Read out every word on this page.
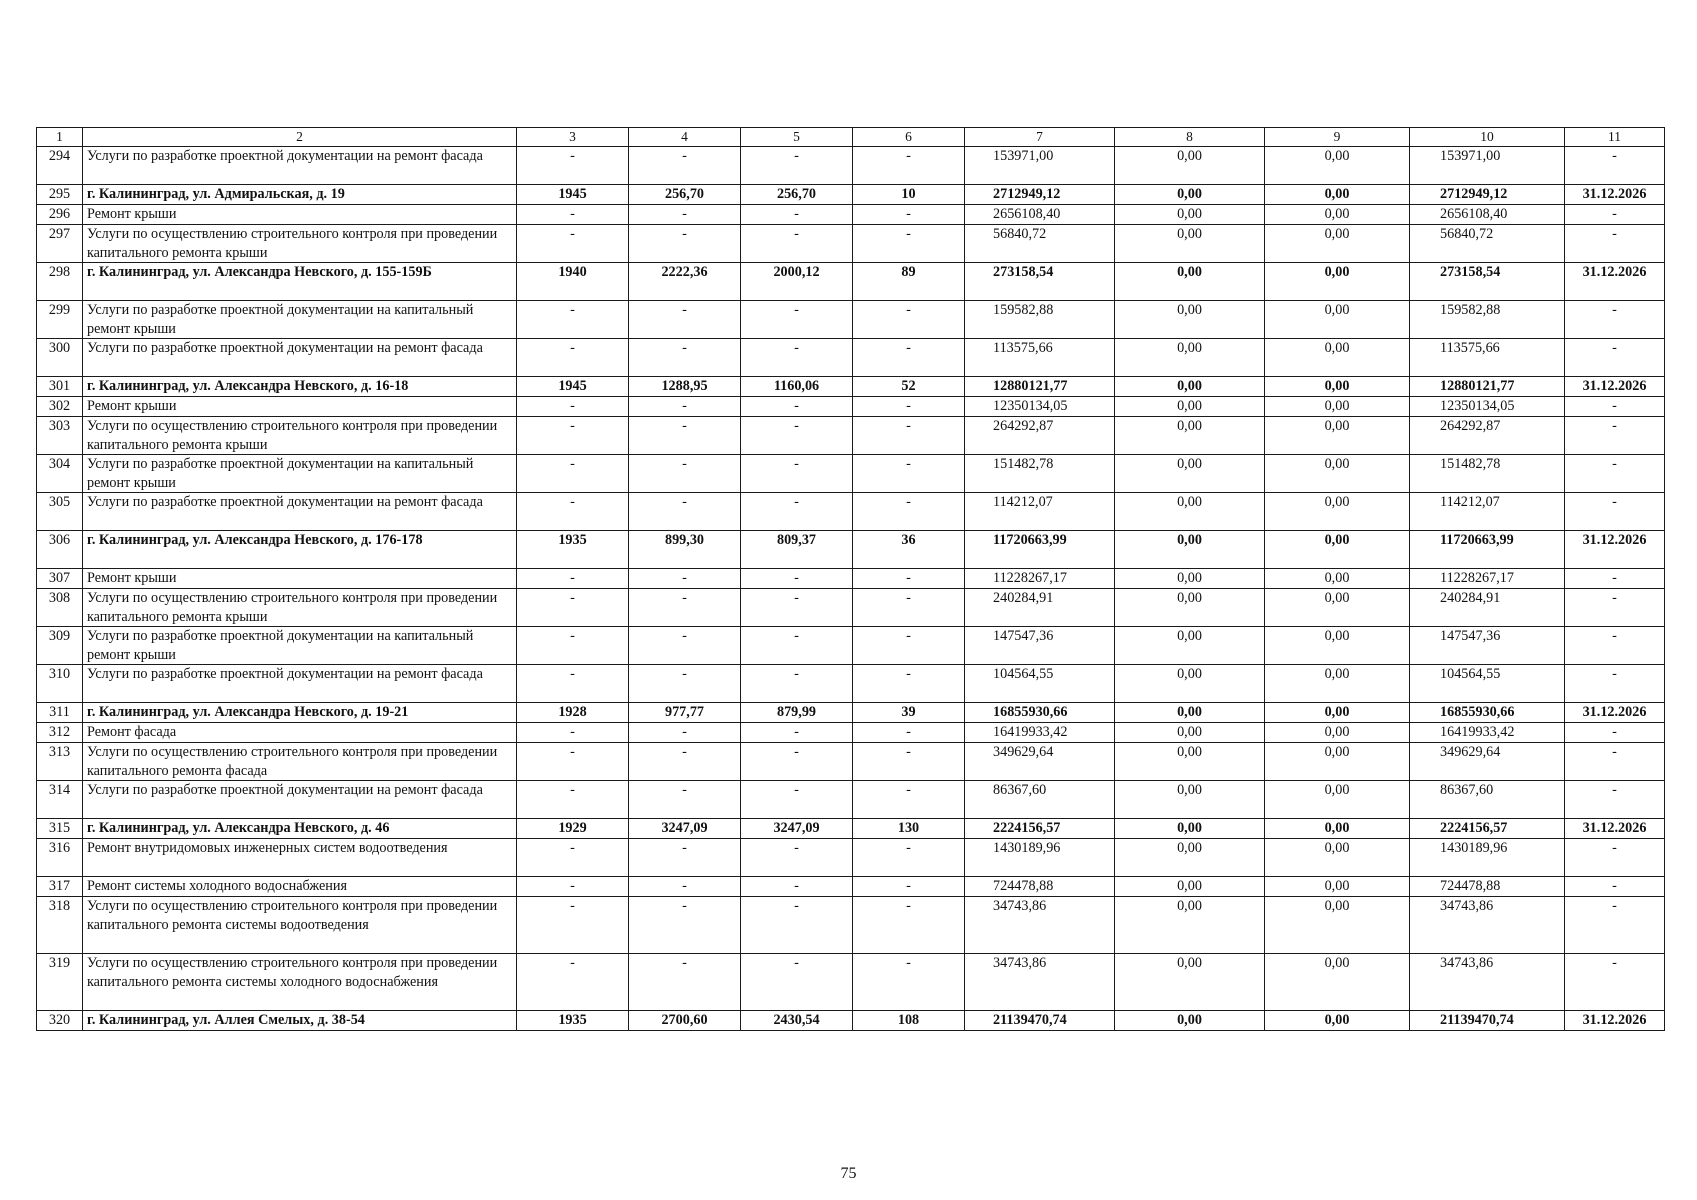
1	2	3	4	5	6	7	8	9	10	11
294	Услуги по разработке проектной документации на ремонт фасада	-	-	-	-	153971,00	0,00	0,00	153971,00	-
295	г. Калининград, ул. Адмиральская, д. 19	1945	256,70	256,70	10	2712949,12	0,00	0,00	2712949,12	31.12.2026
296	Ремонт крыши	-	-	-	-	2656108,40	0,00	0,00	2656108,40	-
297	Услуги по осуществлению строительного контроля при проведении капитального ремонта крыши	-	-	-	-	56840,72	0,00	0,00	56840,72	-
298	г. Калининград, ул. Александра Невского, д. 155-159Б	1940	2222,36	2000,12	89	273158,54	0,00	0,00	273158,54	31.12.2026
299	Услуги по разработке проектной документации на капитальный ремонт крыши	-	-	-	-	159582,88	0,00	0,00	159582,88	-
300	Услуги по разработке проектной документации на ремонт фасада	-	-	-	-	113575,66	0,00	0,00	113575,66	-
301	г. Калининград, ул. Александра Невского, д. 16-18	1945	1288,95	1160,06	52	12880121,77	0,00	0,00	12880121,77	31.12.2026
302	Ремонт крыши	-	-	-	-	12350134,05	0,00	0,00	12350134,05	-
303	Услуги по осуществлению строительного контроля при проведении капитального ремонта крыши	-	-	-	-	264292,87	0,00	0,00	264292,87	-
304	Услуги по разработке проектной документации на капитальный ремонт крыши	-	-	-	-	151482,78	0,00	0,00	151482,78	-
305	Услуги по разработке проектной документации на ремонт фасада	-	-	-	-	114212,07	0,00	0,00	114212,07	-
306	г. Калининград, ул. Александра Невского, д. 176-178	1935	899,30	809,37	36	11720663,99	0,00	0,00	11720663,99	31.12.2026
307	Ремонт крыши	-	-	-	-	11228267,17	0,00	0,00	11228267,17	-
308	Услуги по осуществлению строительного контроля при проведении капитального ремонта крыши	-	-	-	-	240284,91	0,00	0,00	240284,91	-
309	Услуги по разработке проектной документации на капитальный ремонт крыши	-	-	-	-	147547,36	0,00	0,00	147547,36	-
310	Услуги по разработке проектной документации на ремонт фасада	-	-	-	-	104564,55	0,00	0,00	104564,55	-
311	г. Калининград, ул. Александра Невского, д. 19-21	1928	977,77	879,99	39	16855930,66	0,00	0,00	16855930,66	31.12.2026
312	Ремонт фасада	-	-	-	-	16419933,42	0,00	0,00	16419933,42	-
313	Услуги по осуществлению строительного контроля при проведении капитального ремонта фасада	-	-	-	-	349629,64	0,00	0,00	349629,64	-
314	Услуги по разработке проектной документации на ремонт фасада	-	-	-	-	86367,60	0,00	0,00	86367,60	-
315	г. Калининград, ул. Александра Невского, д. 46	1929	3247,09	3247,09	130	2224156,57	0,00	0,00	2224156,57	31.12.2026
316	Ремонт внутридомовых инженерных систем водоотведения	-	-	-	-	1430189,96	0,00	0,00	1430189,96	-
317	Ремонт системы холодного водоснабжения	-	-	-	-	724478,88	0,00	0,00	724478,88	-
318	Услуги по осуществлению строительного контроля при проведении капитального ремонта системы водоотведения	-	-	-	-	34743,86	0,00	0,00	34743,86	-
319	Услуги по осуществлению строительного контроля при проведении капитального ремонта системы холодного водоснабжения	-	-	-	-	34743,86	0,00	0,00	34743,86	-
320	г. Калининград, ул. Аллея Смелых, д. 38-54	1935	2700,60	2430,54	108	21139470,74	0,00	0,00	21139470,74	31.12.2026
75
